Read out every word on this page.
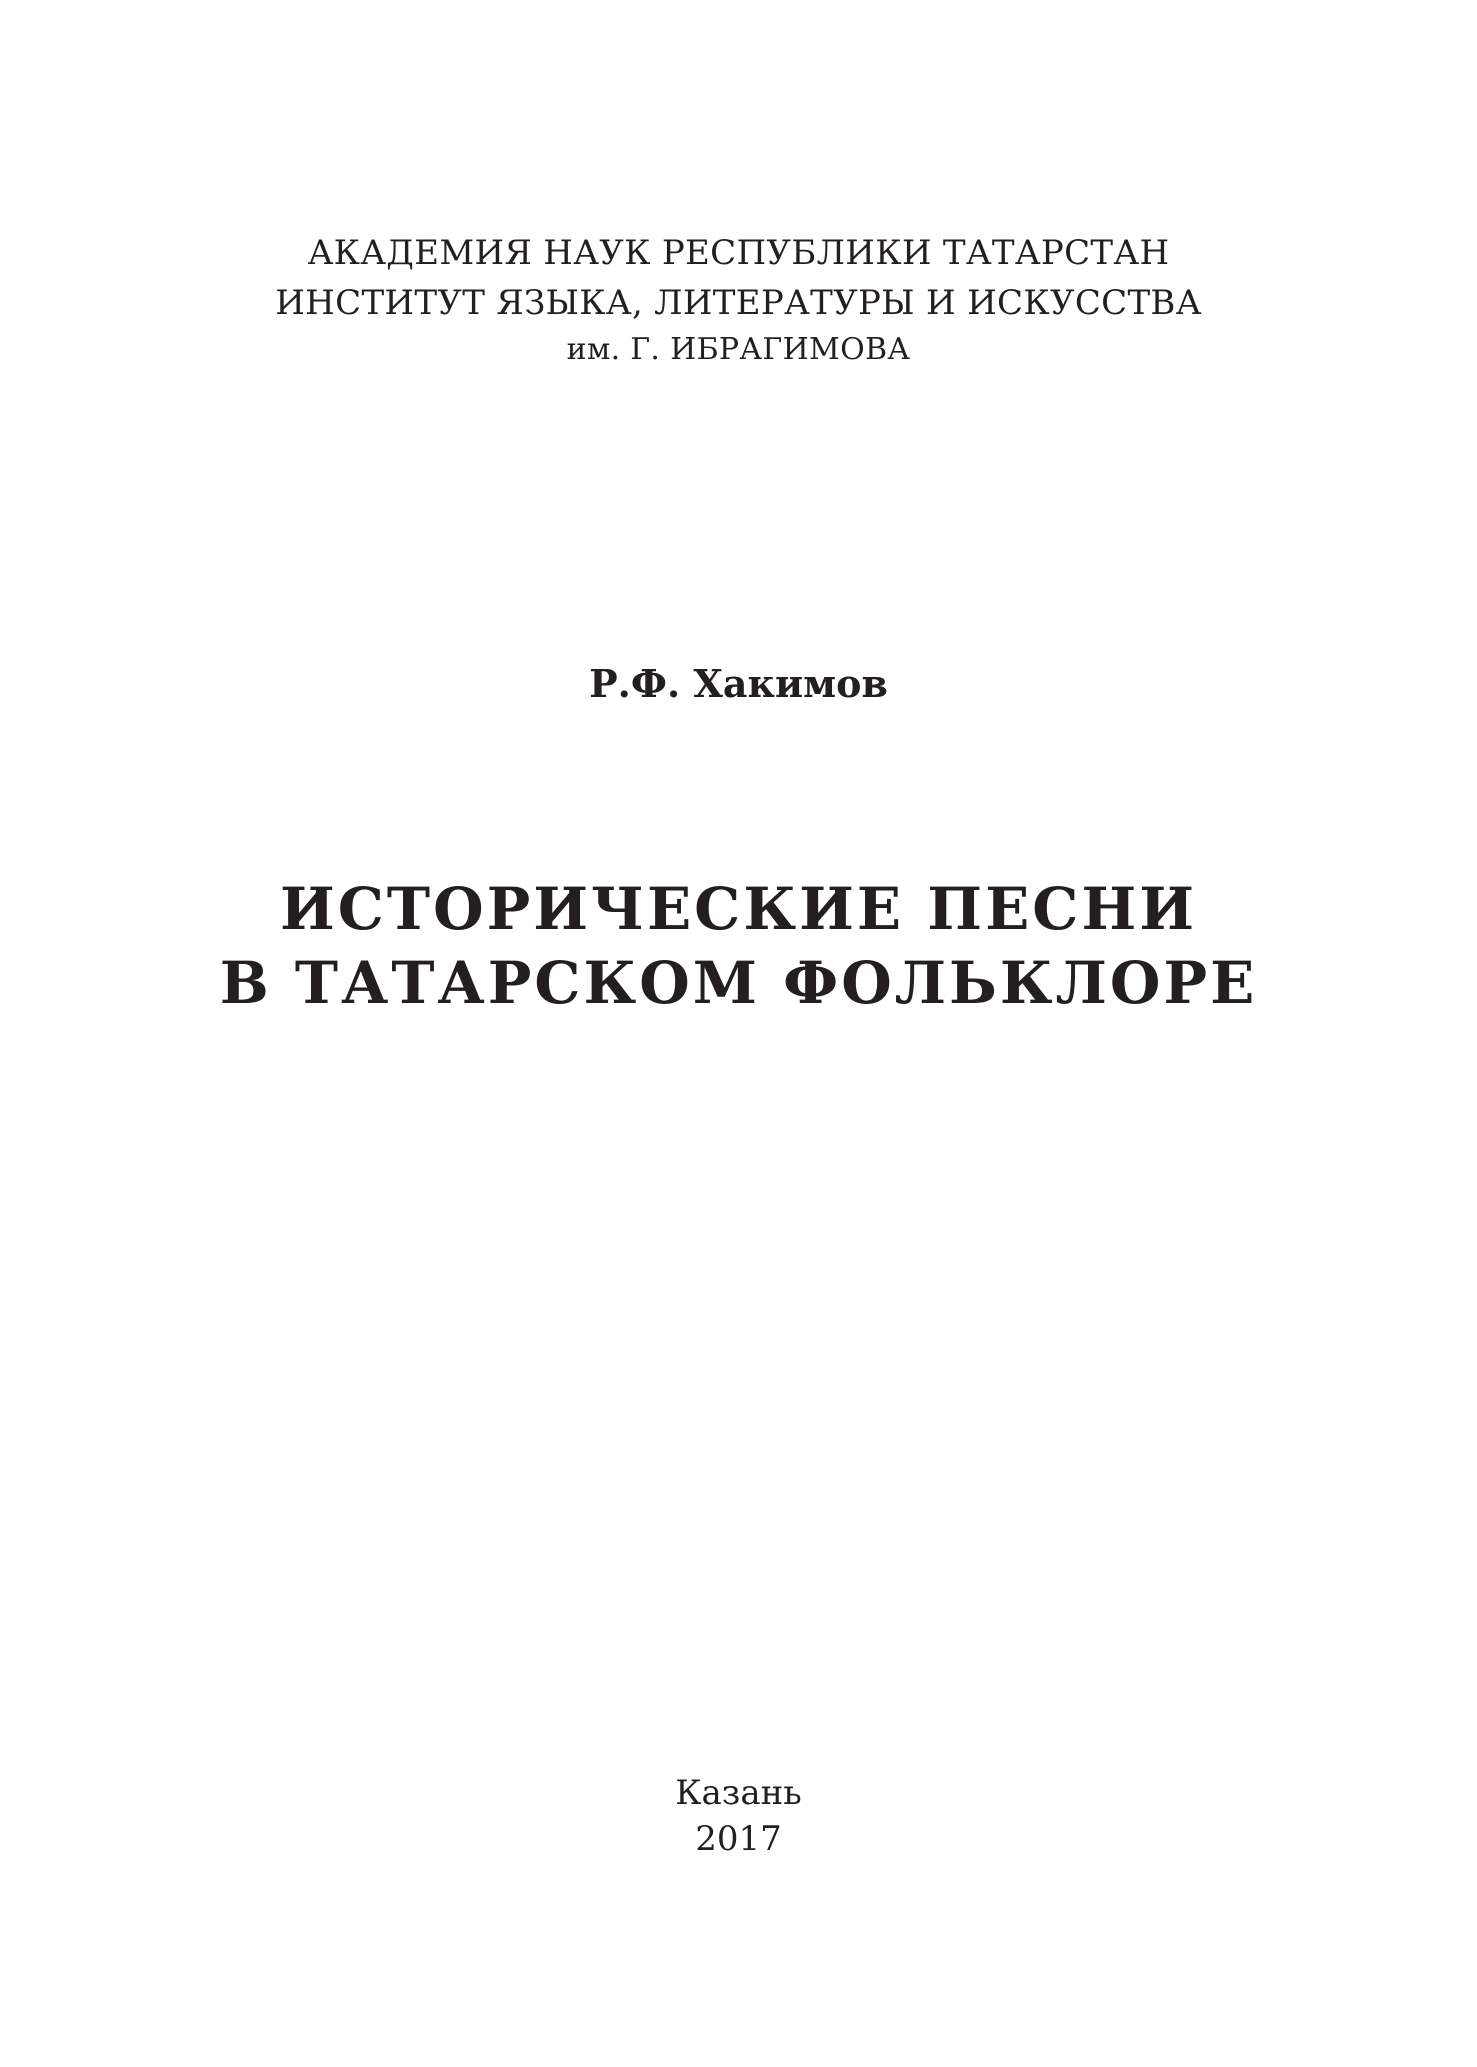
АКАДЕМИЯ НАУК РЕСПУБЛИКИ ТАТАРСТАН
ИНСТИТУТ ЯЗЫКА, ЛИТЕРАТУРЫ И ИСКУССТВА
им. Г. ИБРАГИМОВА
Р.Ф. Хакимов
ИСТОРИЧЕСКИЕ ПЕСНИ
В ТАТАРСКОМ ФОЛЬКЛОРЕ
Казань
2017
